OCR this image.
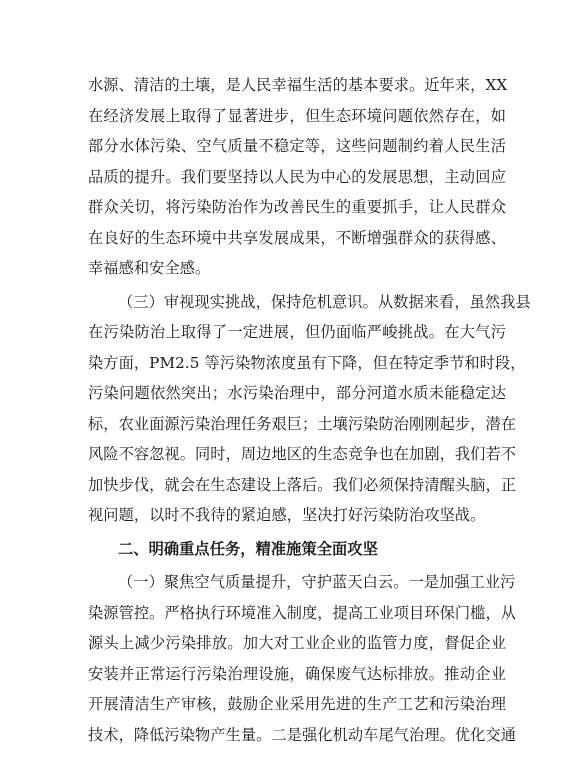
水源、清洁的土壤，是人民幸福生活的基本要求。近年来，XX
在经济发展上取得了显著进步，但生态环境问题依然存在，如
部分水体污染、空气质量不稳定等，这些问题制约着人民生活
品质的提升。我们要坚持以人民为中心的发展思想，主动回应
群众关切，将污染防治作为改善民生的重要抓手，让人民群众
在良好的生态环境中共享发展成果，不断增强群众的获得感、
幸福感和安全感。
（三）审视现实挑战，保持危机意识。从数据来看，虽然我县
在污染防治上取得了一定进展，但仍面临严峻挑战。在大气污
染方面，PM2.5 等污染物浓度虽有下降，但在特定季节和时段，
污染问题依然突出；水污染治理中，部分河道水质未能稳定达
标，农业面源污染治理任务艰巨；土壤污染防治刚刚起步，潜在
风险不容忽视。同时，周边地区的生态竞争也在加剧，我们若不
加快步伐，就会在生态建设上落后。我们必须保持清醒头脑，正
视问题，以时不我待的紧迫感，坚决打好污染防治攻坚战。
二、明确重点任务，精准施策全面攻坚
（一）聚焦空气质量提升，守护蓝天白云。一是加强工业污
染源管控。严格执行环境准入制度，提高工业项目环保门槛，从
源头上减少污染排放。加大对工业企业的监管力度，督促企业
安装并正常运行污染治理设施，确保废气达标排放。推动企业
开展清洁生产审核，鼓励企业采用先进的生产工艺和污染治理
技术，降低污染物产生量。二是强化机动车尾气治理。优化交通
